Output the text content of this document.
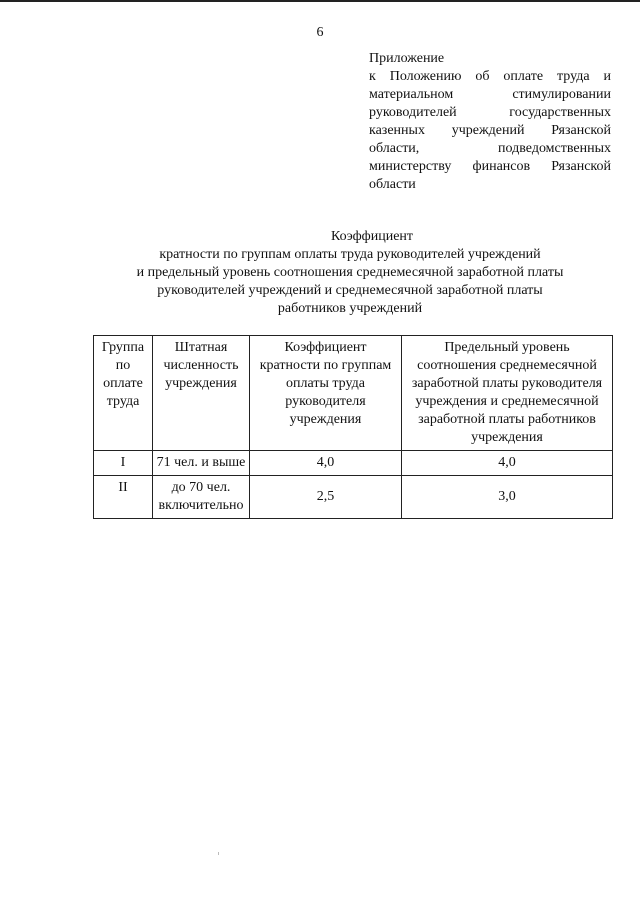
6
Приложение
к Положению об оплате труда и
материальном стимулировании
руководителей государственных
казенных учреждений Рязанской
области, подведомственных
министерству финансов Рязанской
области
Коэффициент
кратности по группам оплаты труда руководителей учреждений
и предельный уровень соотношения среднемесячной заработной платы
руководителей учреждений и среднемесячной заработной платы
работников учреждений
Группа по оплате труда	Штатная численность учреждения	Коэффициент кратности по группам оплаты труда руководителя учреждения	Предельный уровень соотношения среднемесячной заработной платы руководителя учреждения и среднемесячной заработной платы работников учреждения
I	71 чел. и выше	4,0	4,0
II	до 70 чел. включительно	2,5	3,0
